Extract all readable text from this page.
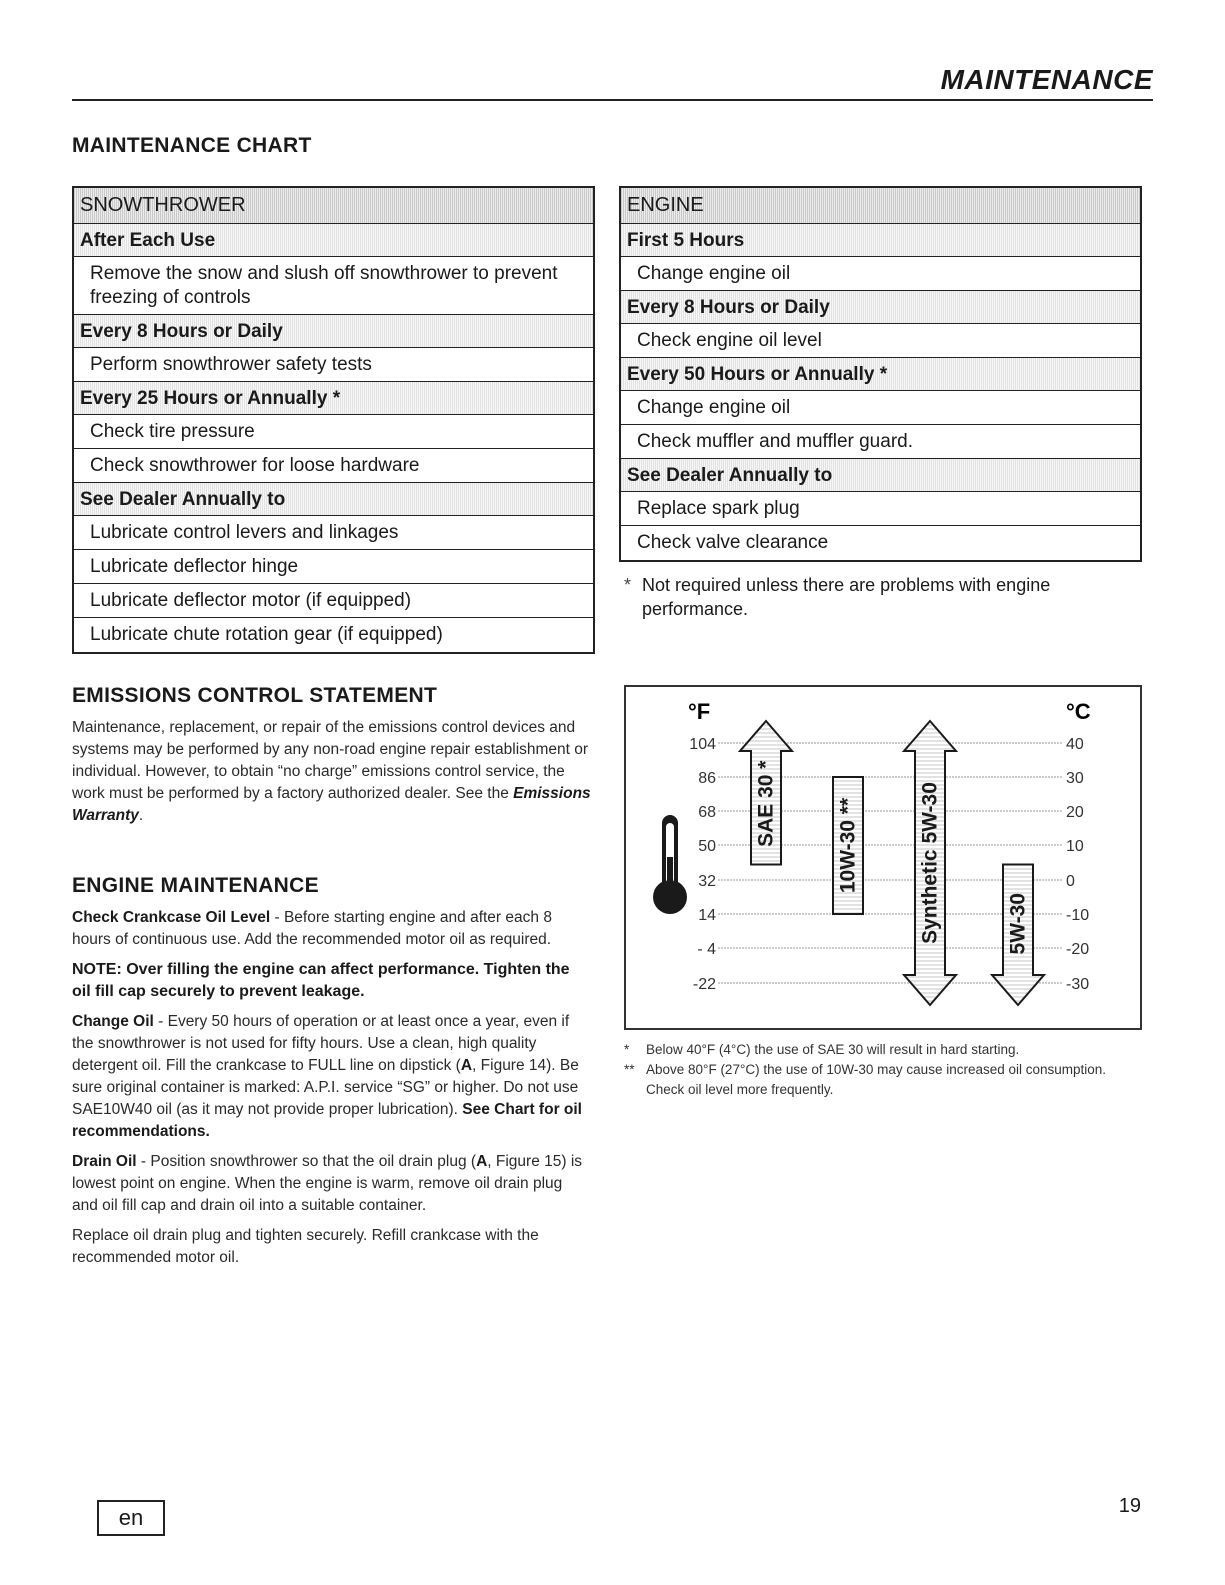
MAINTENANCE
MAINTENANCE CHART
SNOWTHROWER
After Each Use
Remove the snow and slush off snowthrower to prevent freezing of controls
Every 8 Hours or Daily
Perform snowthrower safety tests
Every 25 Hours or Annually *
Check tire pressure
Check snowthrower for loose hardware
See Dealer Annually to
Lubricate control levers and linkages
Lubricate deflector hinge
Lubricate deflector motor (if equipped)
Lubricate chute rotation gear (if equipped)
ENGINE
First 5 Hours
Change engine oil
Every 8 Hours or Daily
Check engine oil level
Every 50 Hours or Annually *
Change engine oil
Check muffler and muffler guard.
See Dealer Annually to
Replace spark plug
Check valve clearance
* Not required unless there are problems with engine performance.
EMISSIONS CONTROL STATEMENT

Maintenance, replacement, or repair of the emissions control devices and systems may be performed by any non-road engine repair establishment or individual. However, to obtain “no charge” emissions control service, the work must be performed by a factory authorized dealer. See the Emissions Warranty.

ENGINE MAINTENANCE

Check Crankcase Oil Level - Before starting engine and after each 8 hours of continuous use. Add the recommended motor oil as required.

NOTE: Over filling the engine can affect performance. Tighten the oil fill cap securely to prevent leakage.

Change Oil - Every 50 hours of operation or at least once a year, even if the snowthrower is not used for fifty hours. Use a clean, high quality detergent oil. Fill the crankcase to FULL line on dipstick (A, Figure 14). Be sure original container is marked: A.P.I. service “SG” or higher. Do not use SAE10W40 oil (as it may not provide proper lubrication). See Chart for oil recommendations.

Drain Oil - Position snowthrower so that the oil drain plug (A, Figure 15) is lowest point on engine. When the engine is warm, remove oil drain plug and oil fill cap and drain oil into a suitable container.

Replace oil drain plug and tighten securely. Refill crankcase with the recommended motor oil.

°F	°C
104
86
68
50
32
14
- 4
-22
40
30
20
10
0
-10
-20
-30
SAE 30 *	10W-30 **	Synthetic 5W-30	5W-30
*	Below 40°F (4°C) the use of SAE 30 will result in hard starting.
** Above 80°F (27°C) the use of 10W-30 may cause increased oil consumption. Check oil level more frequently.
en	19
